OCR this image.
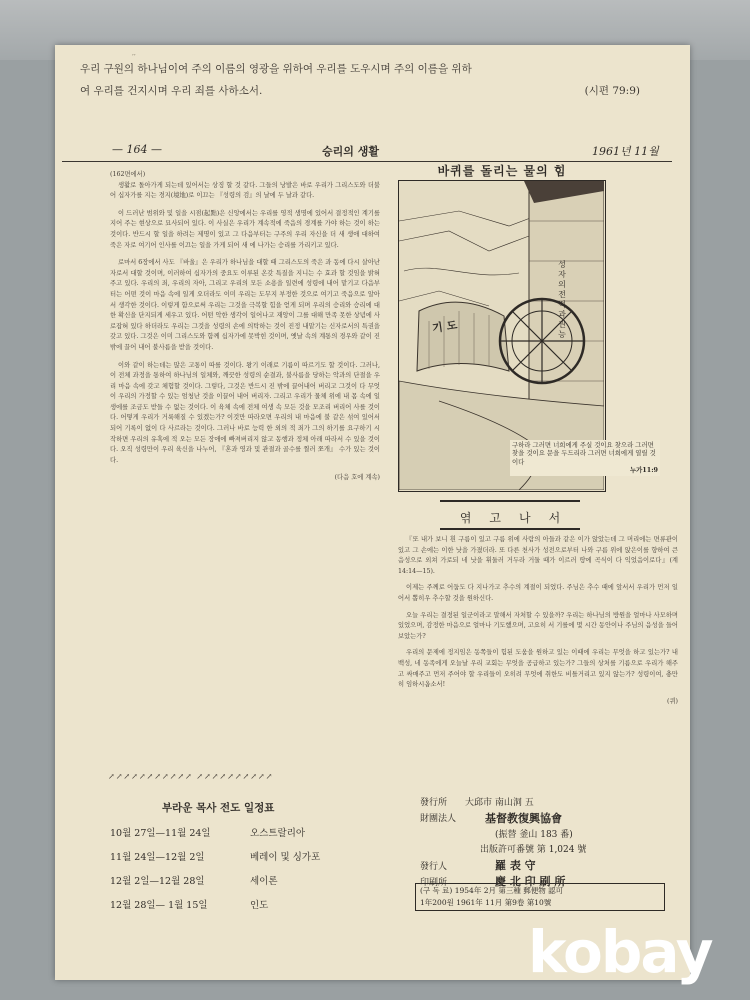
′′
우리 구원의 하나님이여 주의 이름의 영광을 위하여 우리를 도우시며 주의 이름을 위하
여 우리를 건지시며 우리 죄를 사하소서.	(시편 79:9)
— 164 —	승리의 생활	1961년 11월

(162면에서)

생활로 돌아가게 되는데 있어서는 상징 할 것 같다. 그들의 낭발은 바로 우리가 그리스도와 더불어 십자가를 지는 경지(境地)로 이끄는 『성령의 검』의 날에 두 날과 같다.

이 드러난 범위와 및 일을 시점(起點)은 신앙에서는 우리를 영적 생명에 있어서 결정적인 계기를 지어 주는 현상으로 묘사되어 있다. 이 사실은 우리가 계속적에 죽음의 경계를 가야 하는 것이 하는 것이다. 반드시 할 일을 하려는 제명이 있고 그 다음부터는 구주의 우리 자신을 더 새 생애 대하여 죽은 자로 여기어 인사를 이끄는 일을 가게 되어 새 에 나가는 승리를 가리키고 있다.

로마서 6장에서 사도 『바울』은 우리가 하나님을 대할 때 그리스도의 죽은 과 동에 다시 살아난 자로서 대할 것이며, 이러하여 십자가의 중요도 이루된 온갖 특질을 지니는 수 효과 할 것임을 밝혀 주고 있다. 우리의 죄, 우리의 자아, 그리고 우리의 모든 소용을 일련에 성령에 내어 맡기고 다음부터는 어떤 것이 마음 속에 일게 오더라도 이미 우리는 도무지 부정한 것으로 여기고 죽음으로 알아서 생각한 것이다. 이렇게 함으로써 우리는 그것을 극복할 힘을 얻게 되며 우리의 승리와 승리에 대한 확신을 단지되게 세우고 있다. 어떤 악한 생각이 일어나고 재앙이 그를 대해 만족 못한 상념에 사로잡혀 있다 하더라도 우리는 그것을 성령의 손에 의탁하는 것이 진정 내맡기는 신자로서의 특권을 갖고 있다. 그것은 이미 그리스도와 함께 십자가에 못박힌 것이며, 옛날 속의 계통의 경우와 같이 진 밖에 끌어 내어 불사름을 받을 것이다.

이와 같이 하는데는 많은 고통이 따를 것이다. 왕기 이래로 기름이 따르기도 할 것이다. 그러나, 이 전체 과정을 통하여 하나님의 일체와, 깨끗한 성령의 순결과, 불사름을 당하는 악과의 단절을 우리 마음 속에 갖고 체험할 것이다. 그렇다, 그것은 반드시 진 밖에 끌어내어 버리고 그것이 다 무엇이 우리의 가정할 수 있는 엄청난 것을 이끌어 내어 버리자. 그리고 우리가 물체 위에 내 몸 속에 일 생에를 조금도 받들 수 없는 것이다. 이 육체 속에 전체 여생 속 모든 것을 모조리 버리어 사를 것이다. 어떻게 우리가 거룩해질 수 있겠는가? 이것만 따라오면 우리의 내 마음에 불 같은 섞여 있어서 되어 기록이 없이 다 사르라는 것이다. 그러나 바로 능력 한 외의 적 죄가 그의 하기를 요구하기 시작하면 우리의 유혹에 적 오는 모든 장애에 빠져버리지 않고 동행과 정체 아래 따라서 수 있을 것이다. 오직 성령만이 우리 육신을 나누어, 『혼과 영과 및 관절과 골수를 찔러 쪼개』 수가 있는 것이다.

(다음 호에 계속)

↗↗↗↗↗↗↗↗↗↗↗ ↗↗↗↗↗↗↗↗↗↗
부라운 목사 전도 일정표
10월 27일—11월 24일	오스트랄리아
11월 24일—12월 2일	베레이 및 싱가포
12월 2일—12월 28일	세이론
12월 28일— 1월 15일	인도
바퀴를 돌리는 물의 힘
기도
성자의 전적과 권능
구하라 그러면 너희에게 주실 것이요 찾으라 그러면 찾을 것이요 문을 두드리라 그러면 너희에게 열릴 것이다
누가11:9
엮고나서

『또 내가 보니 흰 구름이 있고 구름 위에 사람의 아들과 같은 이가 앉았는데 그 머리에는 면류관이 있고 그 손에는 이한 낫을 가졌더라. 또 다른 천사가 성전으로부터 나와 구름 위에 앉은이를 향하여 큰 음성으로 외쳐 가로되 네 낫을 휘둘러 거두라 거둘 때가 이르러 땅에 곡식이 다 익었음이로다』(계 14:14—15).

이제는 주께로 어둡도 다 지나가고 추수의 계절이 되었다. 주님은 추수 때에 앞서서 우리가 먼저 일어서 뽑히우 추수할 것을 원하신다.

오늘 우리는 결정된 일군이라고 말해서 자처할 수 있을까? 우리는 하나님의 방원을 얼마나 사모하며 있었으며, 감정한 마음으로 얼마나 기도했으며, 고요히 서 기를에 몇 시간 동안이나 주님의 음성을 들어 보았는가?

우리의 문제에 정지임은 동쪽들이 힘된 도움을 원하고 있는 이때에 우리는 무엇을 하고 있는가? 내 백성, 네 동족에게 오늘날 우리 교회는 무엇을 공급하고 있는가? 그들의 상처를 기름으로 우리가 해주고 싸매주고 먼저 주어야 할 우리들이 오히려 무엇에 취한도 비틀거리고 있지 않는가? 성령이여, 충만히 임하시옵소서!

(퀴)

發行所 大邱市 南山洞 五
財團法人	基督教復興協會
(振替 釜山 183 番)
出版許可番號 第 1,024 號
發行人	羅 表 守
印刷所	慶 北 印 刷 所
(구 독 료) 1954年 2月 第三種 郵便物 認可
1年200원 1961年 11月 第9卷 第10號
kobay
